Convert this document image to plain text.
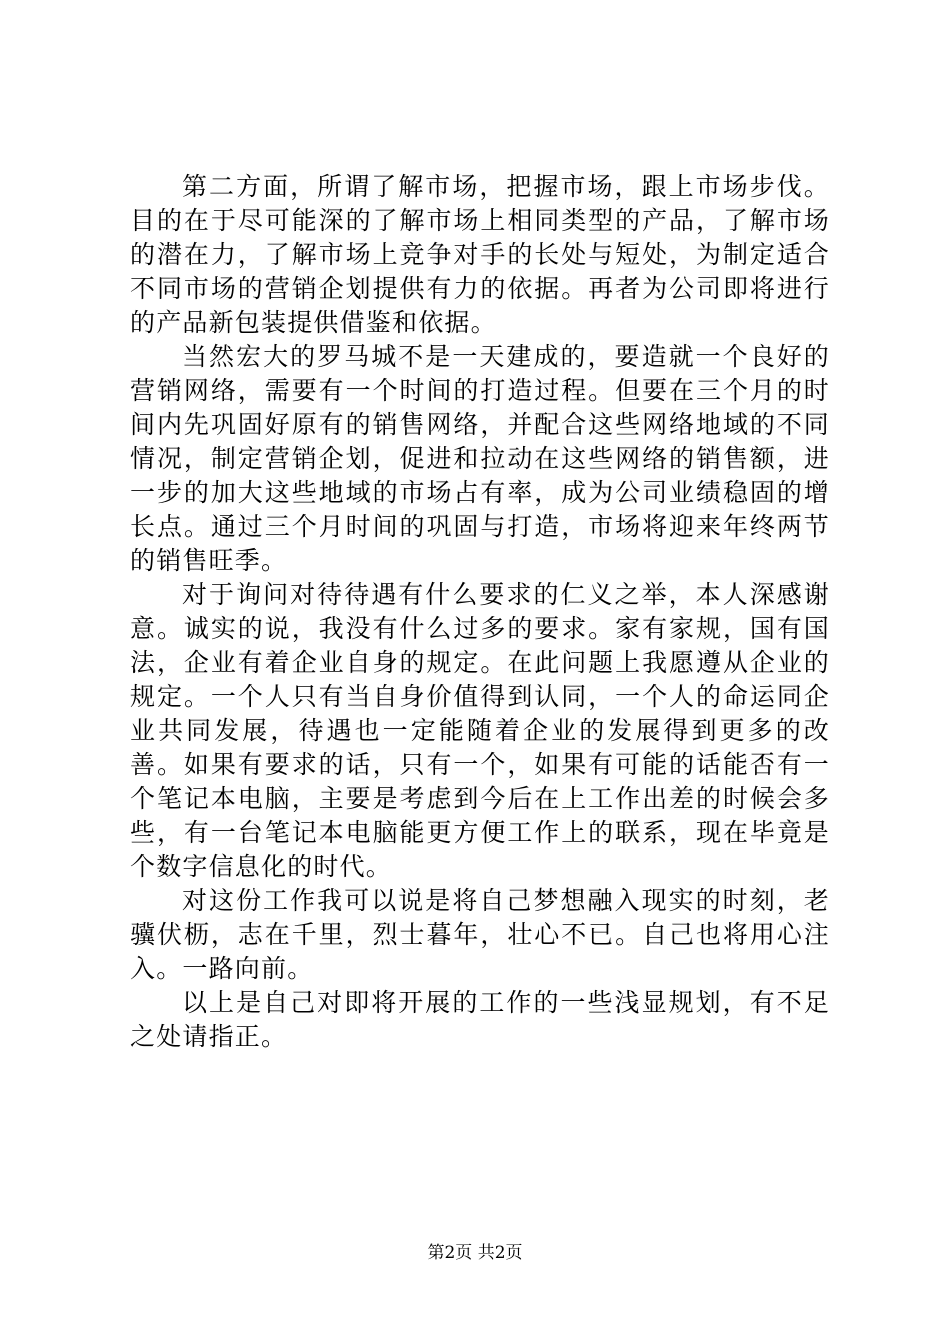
第二方面，所谓了解市场，把握市场，跟上市场步伐。目的在于尽可能深的了解市场上相同类型的产品，了解市场的潜在力，了解市场上竞争对手的长处与短处，为制定适合不同市场的营销企划提供有力的依据。再者为公司即将进行的产品新包装提供借鉴和依据。

当然宏大的罗马城不是一天建成的，要造就一个良好的营销网络，需要有一个时间的打造过程。但要在三个月的时间内先巩固好原有的销售网络，并配合这些网络地域的不同情况，制定营销企划，促进和拉动在这些网络的销售额，进一步的加大这些地域的市场占有率，成为公司业绩稳固的增长点。通过三个月时间的巩固与打造，市场将迎来年终两节的销售旺季。

对于询问对待待遇有什么要求的仁义之举，本人深感谢意。诚实的说，我没有什么过多的要求。家有家规，国有国法，企业有着企业自身的规定。在此问题上我愿遵从企业的规定。一个人只有当自身价值得到认同，一个人的命运同企业共同发展，待遇也一定能随着企业的发展得到更多的改善。如果有要求的话，只有一个，如果有可能的话能否有一个笔记本电脑，主要是考虑到今后在上工作出差的时候会多些，有一台笔记本电脑能更方便工作上的联系，现在毕竟是个数字信息化的时代。

对这份工作我可以说是将自己梦想融入现实的时刻，老骥伏枥，志在千里，烈士暮年，壮心不已。自己也将用心注入。一路向前。

以上是自己对即将开展的工作的一些浅显规划，有不足之处请指正。

第2页 共2页
